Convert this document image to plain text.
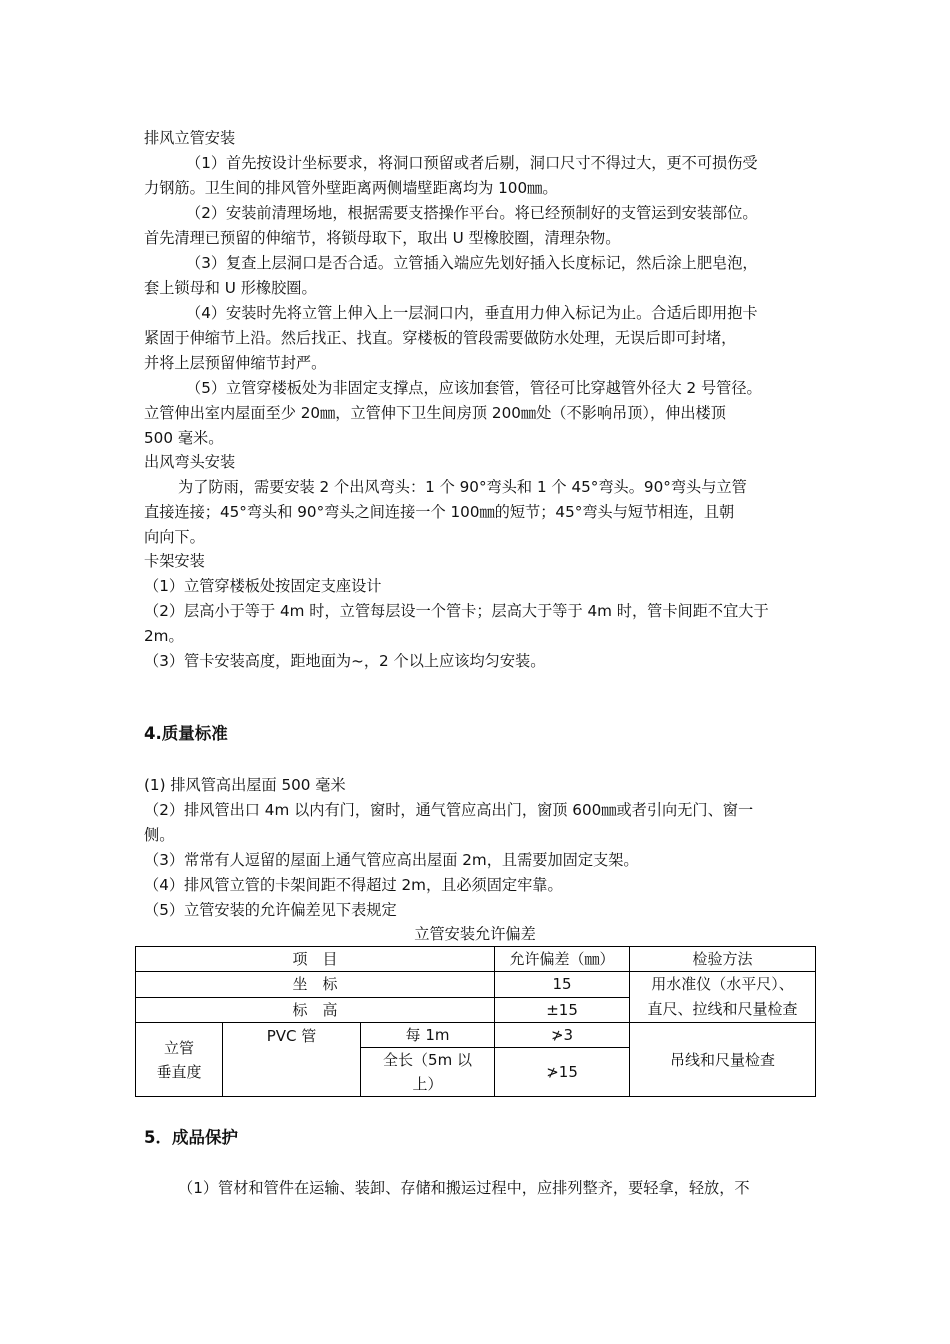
排风立管安装
（1）首先按设计坐标要求，将洞口预留或者后剔，洞口尺寸不得过大，更不可损伤受
力钢筋。卫生间的排风管外壁距离两侧墙壁距离均为 100㎜。
（2）安装前清理场地，根据需要支搭操作平台。将已经预制好的支管运到安装部位。
首先清理已预留的伸缩节，将锁母取下，取出 U 型橡胶圈，清理杂物。
（3）复查上层洞口是否合适。立管插入端应先划好插入长度标记，然后涂上肥皂泡，
套上锁母和 U 形橡胶圈。
（4）安装时先将立管上伸入上一层洞口内，垂直用力伸入标记为止。合适后即用抱卡
紧固于伸缩节上沿。然后找正、找直。穿楼板的管段需要做防水处理，无误后即可封堵，
并将上层预留伸缩节封严。
（5）立管穿楼板处为非固定支撑点，应该加套管，管径可比穿越管外径大 2 号管径。
立管伸出室内屋面至少 20㎜，立管伸下卫生间房顶 200㎜处（不影响吊顶），伸出楼顶
500 毫米。
出风弯头安装
为了防雨，需要安装 2 个出风弯头：1 个 90°弯头和 1 个 45°弯头。90°弯头与立管
直接连接；45°弯头和 90°弯头之间连接一个 100㎜的短节；45°弯头与短节相连，且朝
向向下。
卡架安装
（1）立管穿楼板处按固定支座设计
（2）层高小于等于 4m 时，立管每层设一个管卡；层高大于等于 4m 时，管卡间距不宜大于
2m。
（3）管卡安装高度，距地面为~，2 个以上应该均匀安装。
4.质量标准
(1) 排风管高出屋面 500 毫米
（2）排风管出口 4m 以内有门，窗时，通气管应高出门，窗顶 600㎜或者引向无门、窗一
侧。
（3）常常有人逗留的屋面上通气管应高出屋面 2m，且需要加固定支架。
（4）排风管立管的卡架间距不得超过 2m，且必须固定牢靠。
（5）立管安装的允许偏差见下表规定
立管安装允许偏差
项　目			允许偏差（㎜）	检验方法
坐　标			15	用水准仪（水平尺）、
直尺、拉线和尺量检查
标　高			±15	
立管
垂直度	PVC 管	每 1m	≯3	吊线和尺量检查
		全长（5m 以
上）	≯15	
5．成品保护
（1）管材和管件在运输、装卸、存储和搬运过程中，应排列整齐，要轻拿，轻放，不
